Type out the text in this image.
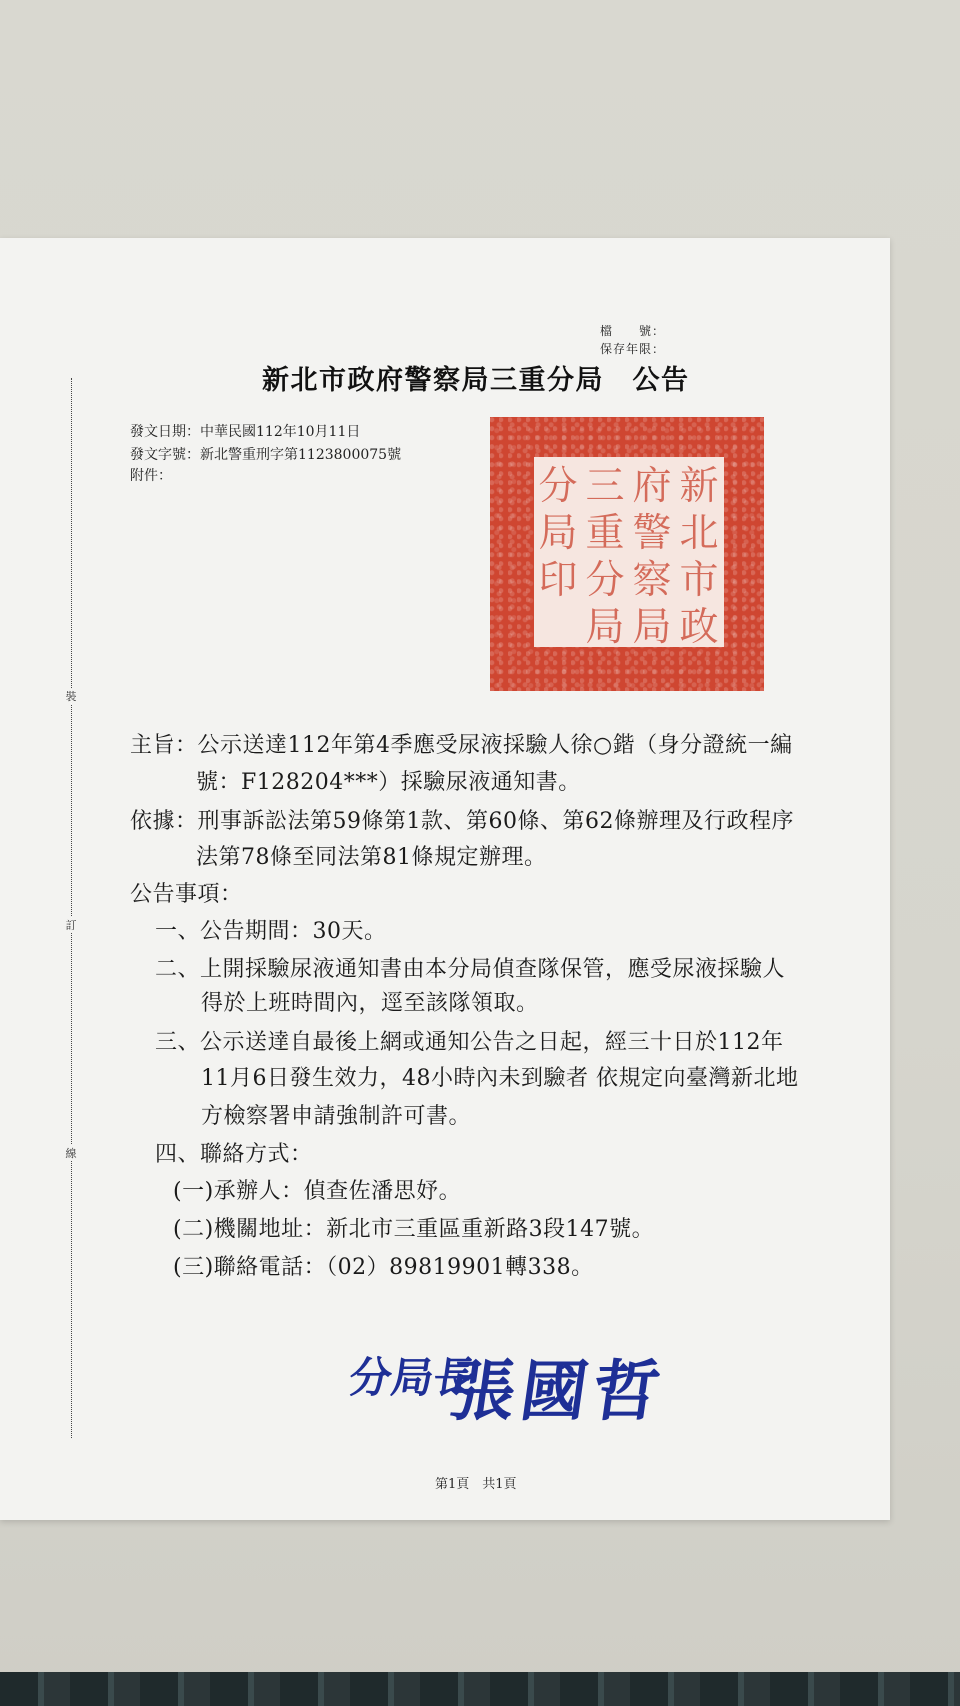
裝
訂
線
檔　　號：
保存年限：
新北市政府警察局三重分局　公告
發文日期：中華民國112年10月11日
發文字號：新北警重刑字第1123800075號
附件：	新北市政
府警察局
三重分局
分局印
主旨：公示送達112年第4季應受尿液採驗人徐○鍇（身分證統一編
號：F128204***）採驗尿液通知書。
依據：刑事訴訟法第59條第1款、第60條、第62條辦理及行政程序
法第78條至同法第81條規定辦理。
公告事項：
一、公告期間：30天。
二、上開採驗尿液通知書由本分局偵查隊保管，應受尿液採驗人
得於上班時間內，逕至該隊領取。
三、公示送達自最後上網或通知公告之日起，經三十日於112年
11月6日發生效力，48小時內未到驗者 依規定向臺灣新北地
方檢察署申請強制許可書。
四、聯絡方式：
(一)承辦人：偵查佐潘思妤。
(二)機關地址：新北市三重區重新路3段147號。
(三)聯絡電話：（02）89819901轉338。
分局長
張國哲
第1頁　共1頁
